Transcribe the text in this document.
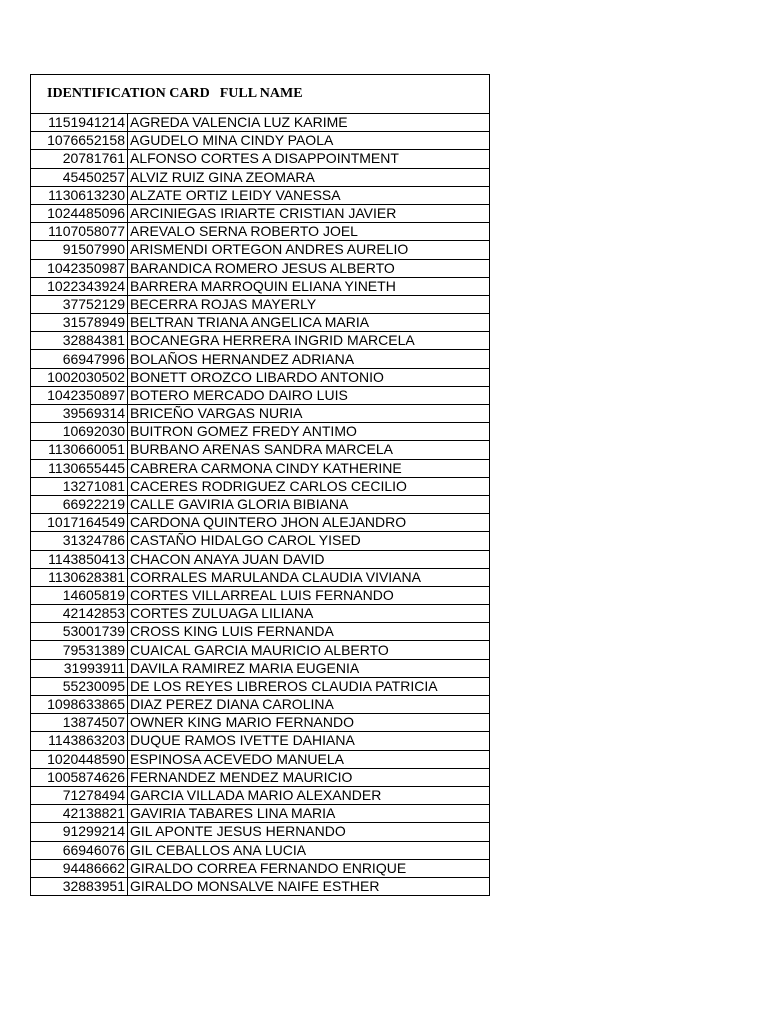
IDENTIFICATION CARD FULL NAME	

1151941214	AGREDA VALENCIA LUZ KARIME
1076652158	AGUDELO MINA CINDY PAOLA
20781761	ALFONSO CORTES A DISAPPOINTMENT
45450257	ALVIZ RUIZ GINA ZEOMARA
1130613230	ALZATE ORTIZ LEIDY VANESSA
1024485096	ARCINIEGAS IRIARTE CRISTIAN JAVIER
1107058077	AREVALO SERNA ROBERTO JOEL
91507990	ARISMENDI ORTEGON ANDRES AURELIO
1042350987	BARANDICA ROMERO JESUS ALBERTO
1022343924	BARRERA MARROQUIN ELIANA YINETH
37752129	BECERRA ROJAS MAYERLY
31578949	BELTRAN TRIANA ANGELICA MARIA
32884381	BOCANEGRA HERRERA INGRID MARCELA
66947996	BOLAÑOS HERNANDEZ ADRIANA
1002030502	BONETT OROZCO LIBARDO ANTONIO
1042350897	BOTERO MERCADO DAIRO LUIS
39569314	BRICEÑO VARGAS NURIA
10692030	BUITRON GOMEZ FREDY ANTIMO
1130660051	BURBANO ARENAS SANDRA MARCELA
1130655445	CABRERA CARMONA CINDY KATHERINE
13271081	CACERES RODRIGUEZ CARLOS CECILIO
66922219	CALLE GAVIRIA GLORIA BIBIANA
1017164549	CARDONA QUINTERO JHON ALEJANDRO
31324786	CASTAÑO HIDALGO CAROL YISED
1143850413	CHACON ANAYA JUAN DAVID
1130628381	CORRALES MARULANDA CLAUDIA VIVIANA
14605819	CORTES VILLARREAL LUIS FERNANDO
42142853	CORTES ZULUAGA LILIANA
53001739	CROSS KING LUIS FERNANDA
79531389	CUAICAL GARCIA MAURICIO ALBERTO
31993911	DAVILA RAMIREZ MARIA EUGENIA
55230095	DE LOS REYES LIBREROS CLAUDIA PATRICIA
1098633865	DIAZ PEREZ DIANA CAROLINA
13874507	OWNER KING MARIO FERNANDO
1143863203	DUQUE RAMOS IVETTE DAHIANA
1020448590	ESPINOSA ACEVEDO MANUELA
1005874626	FERNANDEZ MENDEZ MAURICIO
71278494	GARCIA VILLADA MARIO ALEXANDER
42138821	GAVIRIA TABARES LINA MARIA
91299214	GIL APONTE JESUS HERNANDO
66946076	GIL CEBALLOS ANA LUCIA
94486662	GIRALDO CORREA FERNANDO ENRIQUE
32883951	GIRALDO MONSALVE NAIFE ESTHER
